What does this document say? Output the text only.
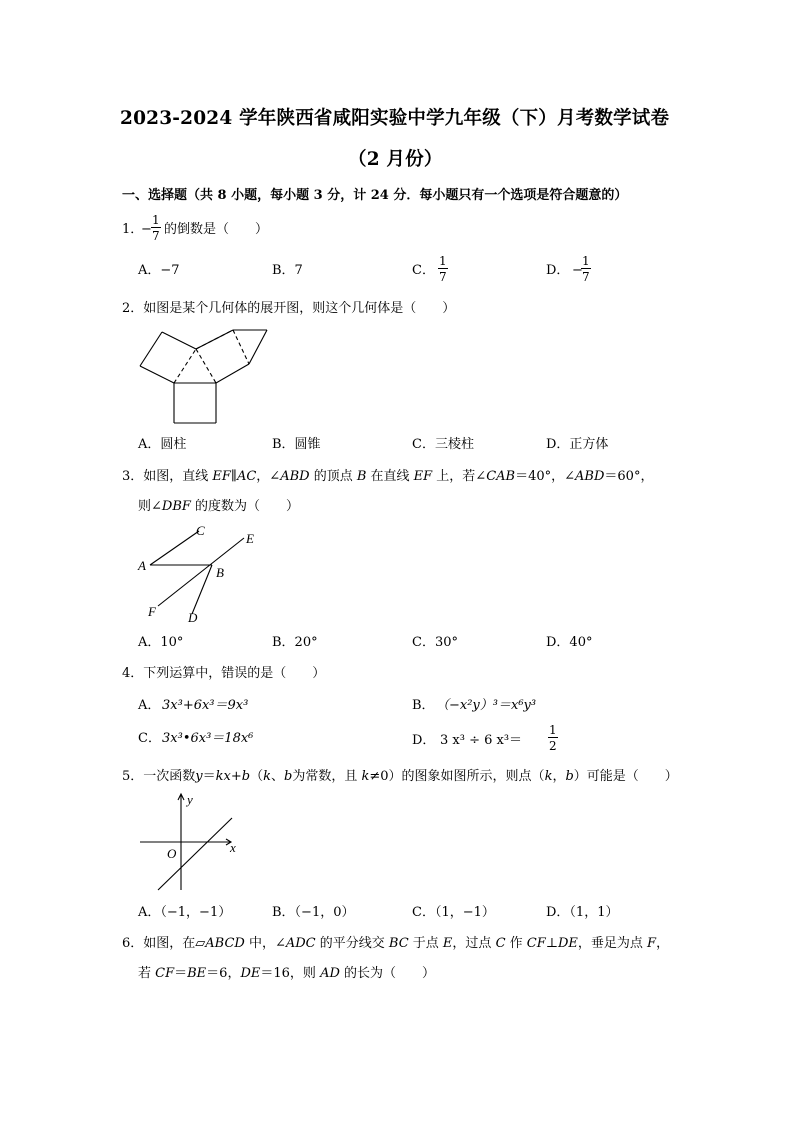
2023-2024 学年陕西省咸阳实验中学九年级（下）月考数学试卷
（2 月份）
一、选择题（共 8 小题，每小题 3 分，计 24 分．每小题只有一个选项是符合题意的）
1．
− $\frac{1}{7}$ 的倒数是（　　）
A．−7	B．7	C． $\frac{1}{7}$	D． −
$\frac{1}{7}$
2．如图是某个几何体的展开图，则这个几何体是（　　）
A．圆柱	B．圆锥	C．三棱柱	D．正方体
3．如图，直线 EF∥AC，∠ABD 的顶点 B 在直线 EF 上，若∠CAB＝40°，∠ABD＝60°，
则∠DBF 的度数为（　　）
C
E
A	B
F D
A．10°	B．20°	C．30°	D．40°
4．下列运算中，错误的是（　　）
A． 3x³+6x³＝9x³	B． （−x²y）³＝x⁶y³
C． 3x³•6x³＝18x⁶	D． 3 x³ ÷ 6 $x^3= \frac{1}{2}$
5．一次函数y＝kx+b（k、b为常数，且 k≠0）的图象如图所示，则点（k，b）可能是（　　）
y
x
O
A．（−1，−1）	B．（−1，0）	C．（1，−1）	D．（1，1）
6．如图，在▱ABCD 中，∠ADC 的平分线交 BC 于点 E，过点 C 作 CF⊥DE，垂足为点 F，
若 CF＝BE＝6，DE＝16，则 AD 的长为（　　）
